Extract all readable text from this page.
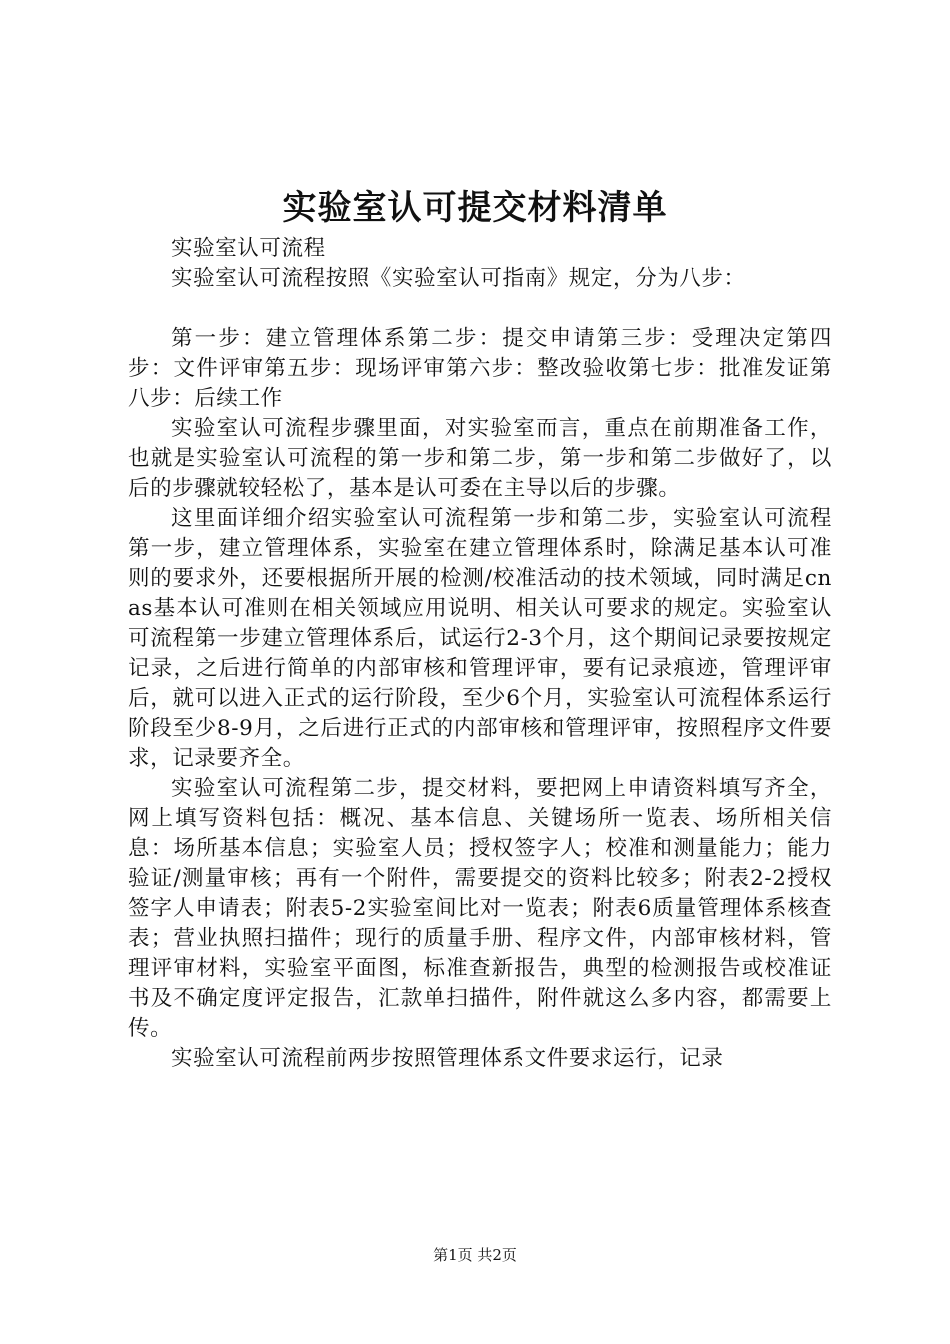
实验室认可提交材料清单

实验室认可流程

实验室认可流程按照《实验室认可指南》规定，分为八步：

第一步：建立管理体系第二步：提交申请第三步：受理决定第四步：文件评审第五步：现场评审第六步：整改验收第七步：批准发证第八步：后续工作

实验室认可流程步骤里面，对实验室而言，重点在前期准备工作，也就是实验室认可流程的第一步和第二步，第一步和第二步做好了，以后的步骤就较轻松了，基本是认可委在主导以后的步骤。

这里面详细介绍实验室认可流程第一步和第二步，实验室认可流程第一步，建立管理体系，实验室在建立管理体系时，除满足基本认可准则的要求外，还要根据所开展的检测/校准活动的技术领域，同时满足cnas基本认可准则在相关领域应用说明、相关认可要求的规定。实验室认可流程第一步建立管理体系后，试运行2-3个月，这个期间记录要按规定记录，之后进行简单的内部审核和管理评审，要有记录痕迹，管理评审后，就可以进入正式的运行阶段，至少6个月，实验室认可流程体系运行阶段至少8-9月，之后进行正式的内部审核和管理评审，按照程序文件要求，记录要齐全。

实验室认可流程第二步，提交材料，要把网上申请资料填写齐全，网上填写资料包括：概况、基本信息、关键场所一览表、场所相关信息：场所基本信息；实验室人员；授权签字人；校准和测量能力；能力验证/测量审核；再有一个附件，需要提交的资料比较多；附表2-2授权签字人申请表；附表5-2实验室间比对一览表；附表6质量管理体系核查表；营业执照扫描件；现行的质量手册、程序文件，内部审核材料，管理评审材料，实验室平面图，标准查新报告，典型的检测报告或校准证书及不确定度评定报告，汇款单扫描件，附件就这么多内容，都需要上传。

实验室认可流程前两步按照管理体系文件要求运行，记录

第1页 共2页
